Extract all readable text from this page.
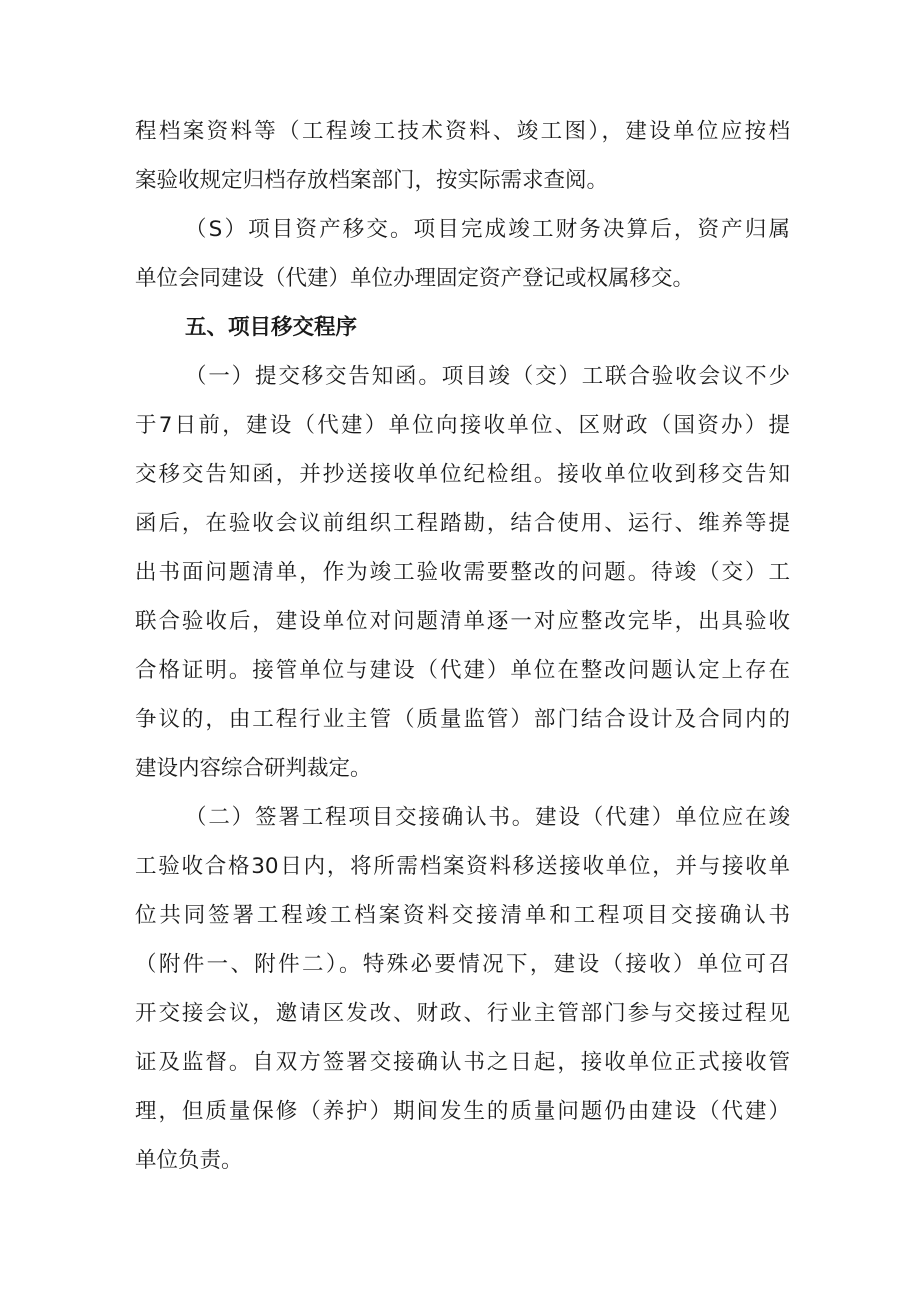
程档案资料等（工程竣工技术资料、竣工图），建设单位应按档
案验收规定归档存放档案部门，按实际需求查阅。
（S）项目资产移交。项目完成竣工财务决算后，资产归属
单位会同建设（代建）单位办理固定资产登记或权属移交。
五、项目移交程序
（一）提交移交告知函。项目竣（交）工联合验收会议不少
于7日前，建设（代建）单位向接收单位、区财政（国资办）提
交移交告知函，并抄送接收单位纪检组。接收单位收到移交告知
函后，在验收会议前组织工程踏勘，结合使用、运行、维养等提
出书面问题清单，作为竣工验收需要整改的问题。待竣（交）工
联合验收后，建设单位对问题清单逐一对应整改完毕，出具验收
合格证明。接管单位与建设（代建）单位在整改问题认定上存在
争议的，由工程行业主管（质量监管）部门结合设计及合同内的
建设内容综合研判裁定。
（二）签署工程项目交接确认书。建设（代建）单位应在竣
工验收合格30日内，将所需档案资料移送接收单位，并与接收单
位共同签署工程竣工档案资料交接清单和工程项目交接确认书
（附件一、附件二）。特殊必要情况下，建设（接收）单位可召
开交接会议，邀请区发改、财政、行业主管部门参与交接过程见
证及监督。自双方签署交接确认书之日起，接收单位正式接收管
理，但质量保修（养护）期间发生的质量问题仍由建设（代建）
单位负责。
